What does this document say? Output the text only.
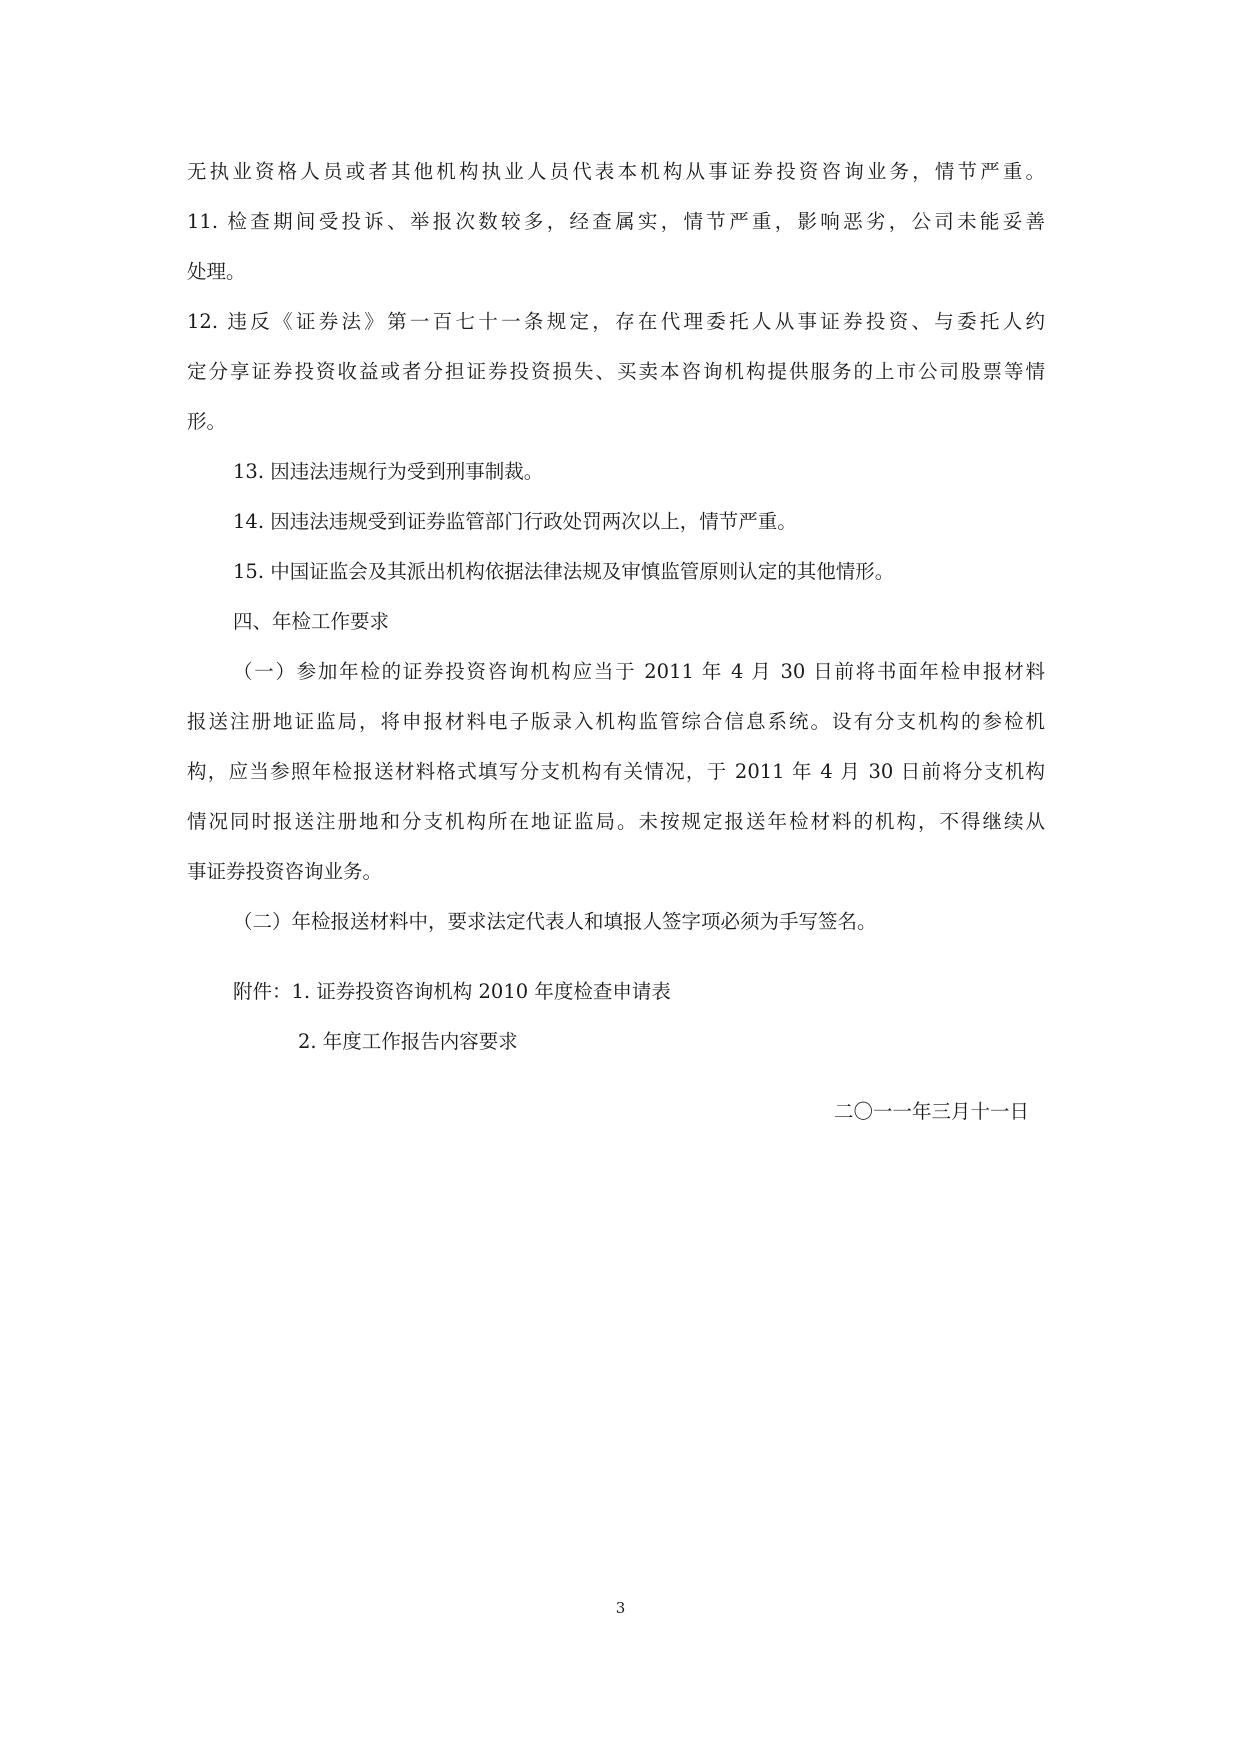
无执业资格人员或者其他机构执业人员代表本机构从事证券投资咨询业务，情节严重。
11. 检查期间受投诉、举报次数较多，经查属实，情节严重，影响恶劣，公司未能妥善
处理。
12. 违反《证券法》第一百七十一条规定，存在代理委托人从事证券投资、与委托人约
定分享证券投资收益或者分担证券投资损失、买卖本咨询机构提供服务的上市公司股票等情
形。
13. 因违法违规行为受到刑事制裁。
14. 因违法违规受到证券监管部门行政处罚两次以上，情节严重。
15. 中国证监会及其派出机构依据法律法规及审慎监管原则认定的其他情形。
四、年检工作要求
（一）参加年检的证券投资咨询机构应当于 2011 年 4 月 30 日前将书面年检申报材料
报送注册地证监局，将申报材料电子版录入机构监管综合信息系统。设有分支机构的参检机
构，应当参照年检报送材料格式填写分支机构有关情况，于 2011 年 4 月 30 日前将分支机构
情况同时报送注册地和分支机构所在地证监局。未按规定报送年检材料的机构，不得继续从
事证券投资咨询业务。
（二）年检报送材料中，要求法定代表人和填报人签字项必须为手写签名。
附件：1. 证券投资咨询机构 2010 年度检查申请表
2. 年度工作报告内容要求
二〇一一年三月十一日
3
